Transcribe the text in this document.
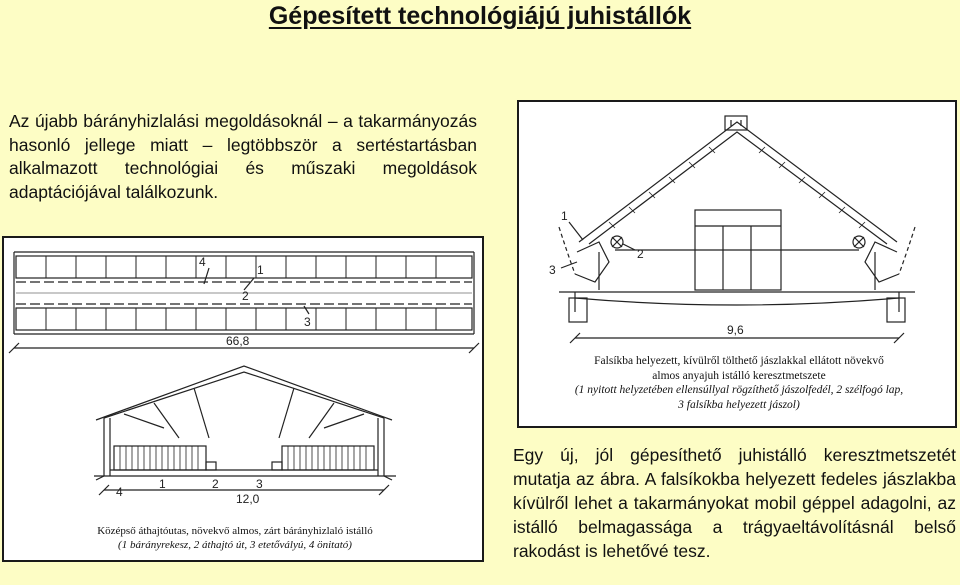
Gépesített technológiájú juhistállók
Az újabb bárányhizlalási megoldásoknál – a takarmányozás hasonló jellege miatt – legtöbbször a sertéstartásban alkalmazott technológiai és műszaki megoldások adaptációjával találkozunk.
4
1
2
3
66,8
4
1	2	3
12,0
Középső áthajtóutas, növekvő almos, zárt bárányhizlaló istálló
(1 bárányrekesz, 2 áthajtó út, 3 etetővályú, 4 önitató)
1
2
3
9,6
Falsíkba helyezett, kívülről tölthető jászlakkal ellátott növekvő
almos anyajuh istálló keresztmetszete
(1 nyitott helyzetében ellensúllyal rögzíthető jászolfedél, 2 szélfogó lap,
3 falsíkba helyezett jászol)
Egy új, jól gépesíthető juhistálló keresztmetszetét mutatja az ábra. A falsíkokba helyezett fedeles jászlakba kívülről lehet a takarmányokat mobil géppel adagolni, az istálló belmagassága a trágyaeltávolításnál belső rakodást is lehetővé tesz.
